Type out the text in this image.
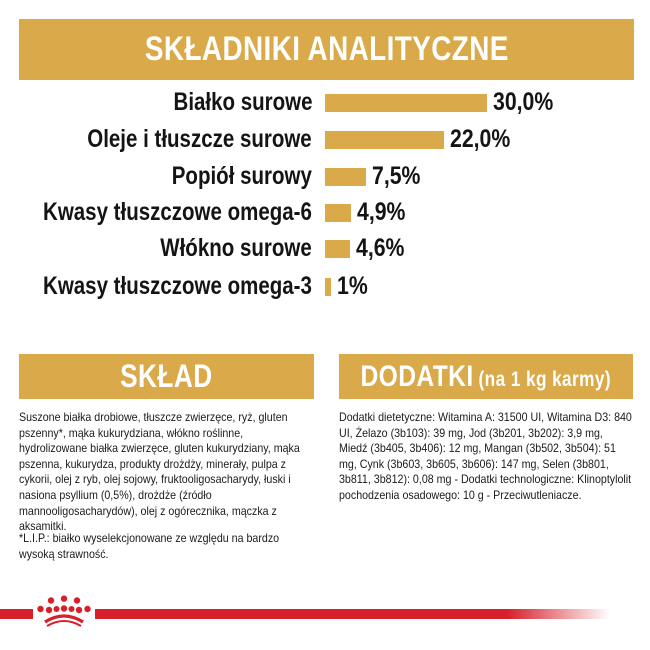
SKŁADNIKI ANALITYCZNE
Białko surowe	30,0%
Oleje i tłuszcze surowe	22,0%
Popiół surowy 7,5%
Kwasy tłuszczowe omega-6 4,9%
Włókno surowe 4,6%
Kwasy tłuszczowe omega-3 1%
SKŁAD	DODATKI (na 1 kg karmy)
Suszone białka drobiowe, tłuszcze zwierzęce, ryż, gluten pszenny*, mąka kukurydziana, włókno roślinne, hydrolizowane białka zwierzęce, gluten kukurydziany, mąka pszenna, kukurydza, produkty drożdży, minerały, pulpa z cykorii, olej z ryb, olej sojowy, fruktooligosacharydy, łuski i nasiona psyllium (0,5%), drożdże (źródło mannooligosacharydów), olej z ogórecznika, mączka z aksamitki.
*L.I.P.: białko wyselekcjonowane ze względu na bardzo wysoką strawność.
Dodatki dietetyczne: Witamina A: 31500 UI, Witamina D3: 840 UI, Żelazo (3b103): 39 mg, Jod (3b201, 3b202): 3,9 mg, Miedź (3b405, 3b406): 12 mg, Mangan (3b502, 3b504): 51 mg, Cynk (3b603, 3b605, 3b606): 147 mg, Selen (3b801, 3b811, 3b812): 0,08 mg - Dodatki technologiczne: Klinoptylolit pochodzenia osadowego: 10 g - Przeciwutleniacze.
